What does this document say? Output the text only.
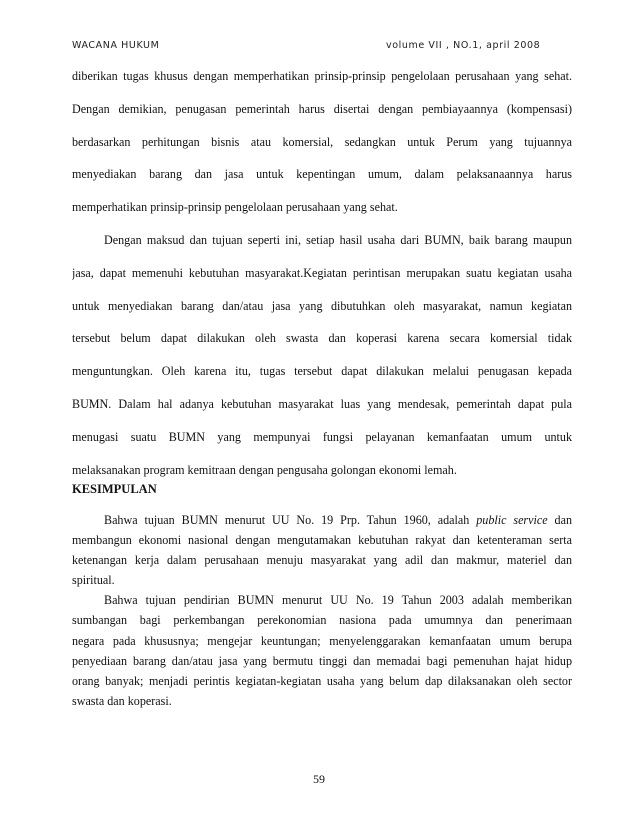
WACANA HUKUM	volume VII , NO.1, april 2008
diberikan tugas khusus dengan memperhatikan prinsip-prinsip pengelolaan perusahaan yang sehat.
Dengan demikian, penugasan pemerintah harus disertai dengan pembiayaannya (kompensasi)
berdasarkan perhitungan bisnis atau komersial, sedangkan untuk Perum yang tujuannya
menyediakan barang dan jasa untuk kepentingan umum, dalam pelaksanaannya harus
memperhatikan prinsip-prinsip pengelolaan perusahaan yang sehat.
Dengan maksud dan tujuan seperti ini, setiap hasil usaha dari BUMN, baik barang maupun
jasa, dapat memenuhi kebutuhan masyarakat.Kegiatan perintisan merupakan suatu kegiatan usaha
untuk menyediakan barang dan/atau jasa yang dibutuhkan oleh masyarakat, namun kegiatan
tersebut belum dapat dilakukan oleh swasta dan koperasi karena secara komersial tidak
menguntungkan. Oleh karena itu, tugas tersebut dapat dilakukan melalui penugasan kepada
BUMN. Dalam hal adanya kebutuhan masyarakat luas yang mendesak, pemerintah dapat pula
menugasi suatu BUMN yang mempunyai fungsi pelayanan kemanfaatan umum untuk
melaksanakan program kemitraan dengan pengusaha golongan ekonomi lemah.
KESIMPULAN
Bahwa tujuan BUMN menurut UU No. 19 Prp. Tahun 1960, adalah public service dan
membangun ekonomi nasional dengan mengutamakan kebutuhan rakyat dan ketenteraman serta
ketenangan kerja dalam perusahaan menuju masyarakat yang adil dan makmur, materiel dan
spiritual.
Bahwa tujuan pendirian BUMN menurut UU No. 19 Tahun 2003 adalah memberikan
sumbangan bagi perkembangan perekonomian nasiona pada umumnya dan penerimaan
negara pada khususnya; mengejar keuntungan; menyelenggarakan kemanfaatan umum berupa
penyediaan barang dan/atau jasa yang bermutu tinggi dan memadai bagi pemenuhan hajat hidup
orang banyak; menjadi perintis kegiatan-kegiatan usaha yang belum dap dilaksanakan oleh sector
swasta dan koperasi.
59
